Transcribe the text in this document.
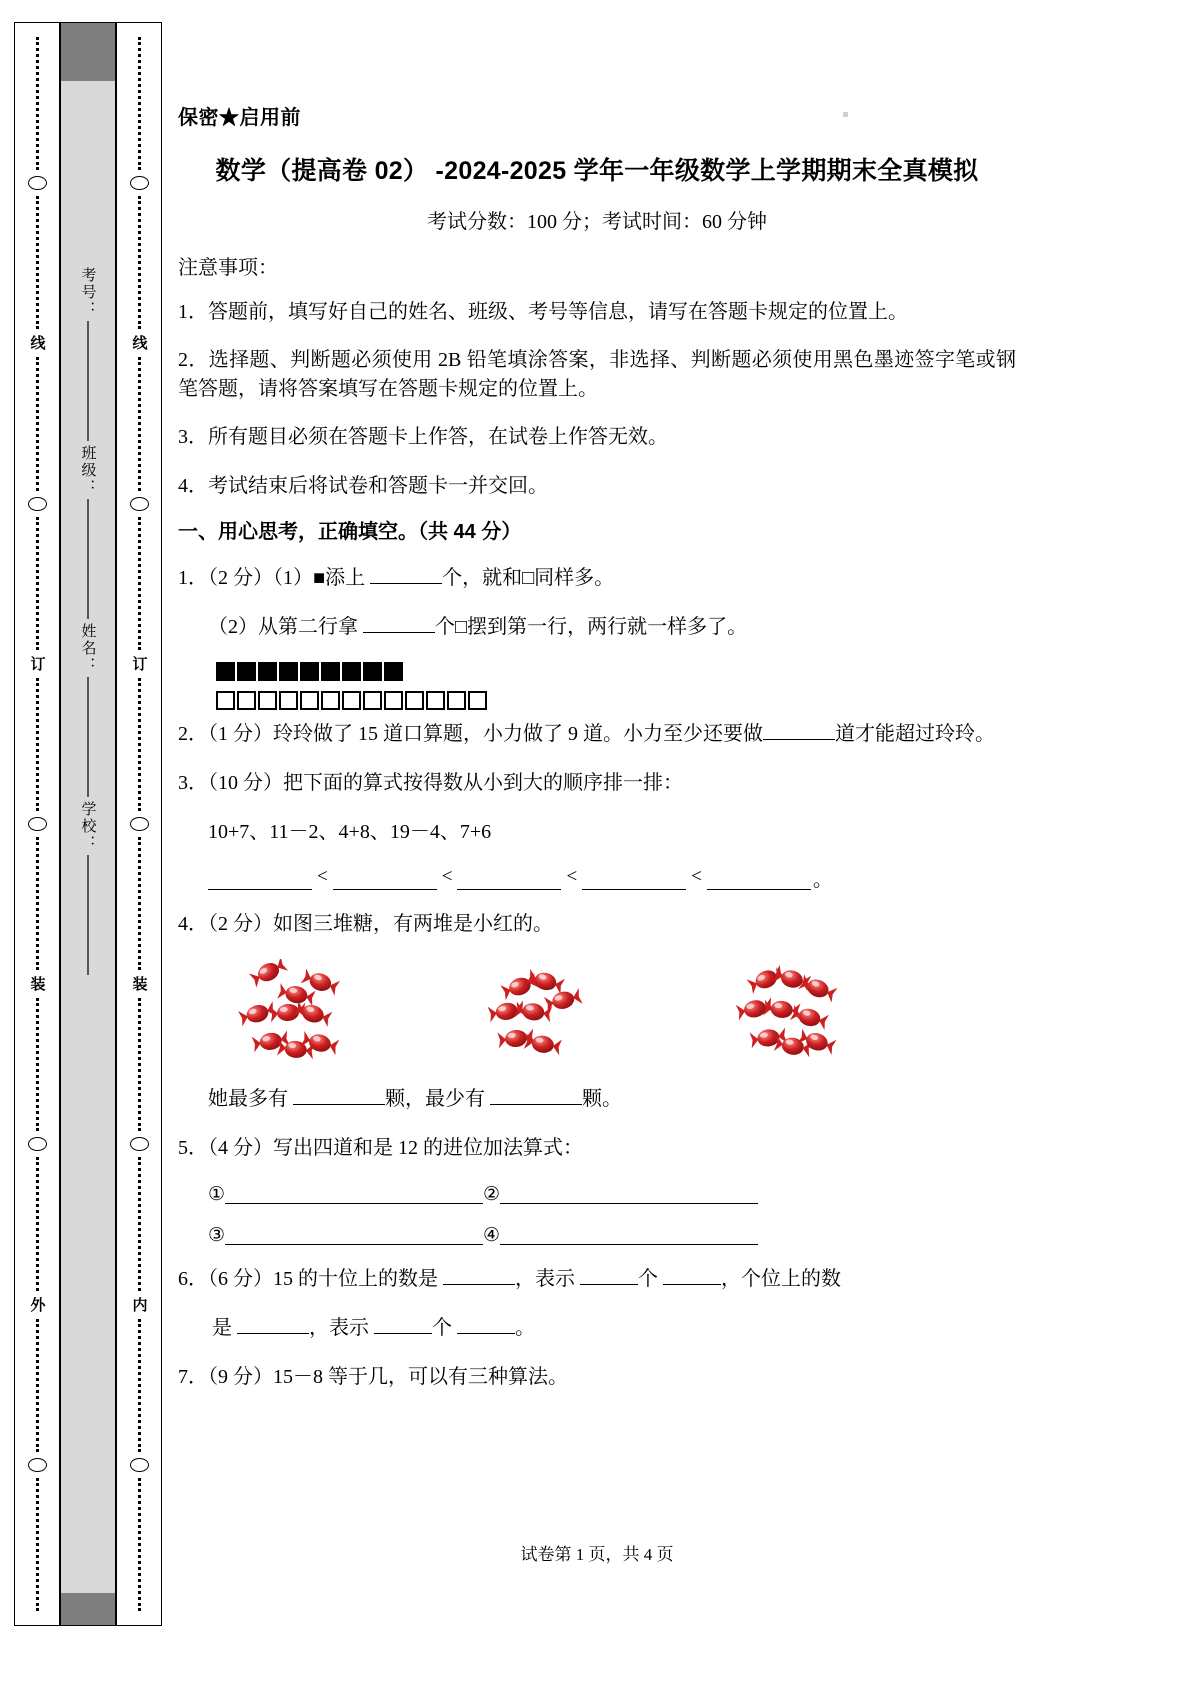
线
订
装
外
考号：
班级：
姓名：
学校：
线
订
装
内
保密★启用前
数学（提高卷 02） -2024-2025 学年一年级数学上学期期末全真模拟
考试分数：100 分；考试时间：60 分钟
注意事项：
1．答题前，填写好自己的姓名、班级、考号等信息，请写在答题卡规定的位置上。
2．选择题、判断题必须使用 2B 铅笔填涂答案，非选择、判断题必须使用黑色墨迹签字笔或钢笔答题，请将答案填写在答题卡规定的位置上。
3．所有题目必须在答题卡上作答，在试卷上作答无效。
4．考试结束后将试卷和答题卡一并交回。
一、用心思考，正确填空。（共 44 分）
1．（2 分）（1）■添上	个，就和□同样多。
（2）从第二行拿	个□摆到第一行，两行就一样多了。
2．（1 分）玲玲做了 15 道口算题，小力做了 9 道。小力至少还要做	道才能超过玲玲。
3．（10 分）把下面的算式按得数从小到大的顺序排一排：
10+7、11－2、4+8、19－4、7+6
<	<	<	<	。
4．（2 分）如图三堆糖，有两堆是小红的。
她最多有	颗，最少有	颗。
5．（4 分）写出四道和是 12 的进位加法算式：
①	②
③	④
6．（6 分）15 的十位上的数是	，表示	个	，个位上的数
是	，表示	个	。
7．（9 分）15－8 等于几，可以有三种算法。
试卷第 1 页，共 4 页
